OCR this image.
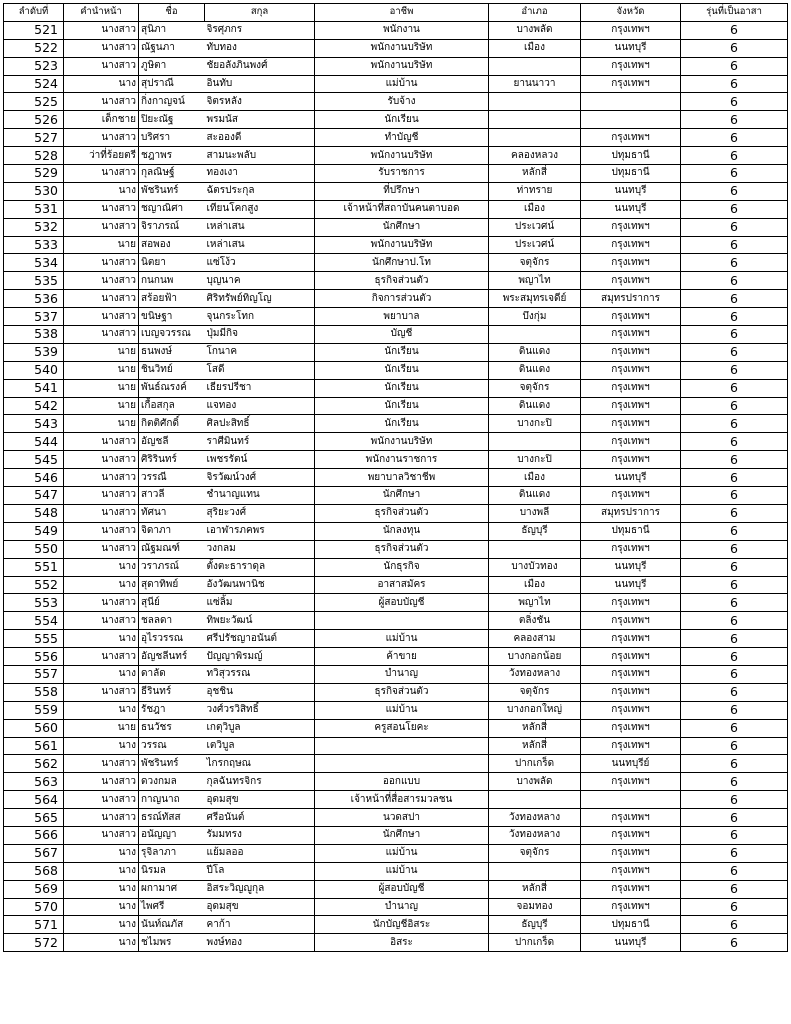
ลำดับที่	คำนำหน้า	ชื่อ	สกุล	อาชีพ	อำเภอ	จังหวัด	รุ่นที่เป็นอาสา
521	นางสาว	สุนิภา	จิรศุภกร	พนักงาน	บางพลัด	กรุงเทพฯ	6
522	นางสาว	ณัฐนภา	ทับทอง	พนักงานบริษัท	เมือง	นนทบุรี	6
523	นางสาว	ภูษิตา	ชัยอลังภินพงศ์	พนักงานบริษัท		กรุงเทพฯ	6
524	นาง	สุปราณี	อินทับ	แม่บ้าน	ยานนาวา	กรุงเทพฯ	6
525	นางสาว	กิ่งกาญจน์	จิตรหลัง	รับจ้าง			6
526	เด็กชาย	ปิยะณัฐ	พรมนัส	นักเรียน			6
527	นางสาว	บริศรา	สะอองดี	ทำบัญชี		กรุงเทพฯ	6
528	ว่าที่ร้อยตรี	ชฎาพร	สามนะพลับ	พนักงานบริษัท	คลองหลวง	ปทุมธานี	6
529	นางสาว	กุลณิษฐ์	ทองเงา	รับราชการ	หลักสี่	ปทุมธานี	6
530	นาง	พัชรินทร์	ฉัตรประกุล	ที่ปรึกษา	ท่าทราย	นนทบุรี	6
531	นางสาว	ชญาณิศา	เทียนโคกสูง	เจ้าหน้าที่สถาบันคนตาบอด	เมือง	นนทบุรี	6
532	นางสาว	จิราภรณ์	เหล่าเสน	นักศึกษา	ประเวศน์	กรุงเทพฯ	6
533	นาย	สอพอง	เหล่าเสน	พนักงานบริษัท	ประเวศน์	กรุงเทพฯ	6
534	นางสาว	นิตยา	แซ่โง้ว	นักศึกษาป.โท	จตุจักร	กรุงเทพฯ	6
535	นางสาว	กนกนพ	บุญนาค	ธุรกิจส่วนตัว	พญาไท	กรุงเทพฯ	6
536	นางสาว	สร้อยฟ้า	ศิริทรัพย์ทิญโญ	กิจการส่วนตัว	พระสมุทรเจดีย์	สมุทรปราการ	6
537	นางสาว	ขนิษฐา	จุนกระโทก	พยาบาล	บึงกุ่ม	กรุงเทพฯ	6
538	นางสาว	เบญจวรรณ	ปุ่มมีกิจ	บัญชี		กรุงเทพฯ	6
539	นาย	ธนพงษ์	โกนาค	นักเรียน	ดินแดง	กรุงเทพฯ	6
540	นาย	ชินวิทย์	โสดี	นักเรียน	ดินแดง	กรุงเทพฯ	6
541	นาย	พันธ์ณรงค์	เธียรปรีชา	นักเรียน	จตุจักร	กรุงเทพฯ	6
542	นาย	เกื้อสกุล	แจทอง	นักเรียน	ดินแดง	กรุงเทพฯ	6
543	นาย	กิตติศักดิ์	ศิลปะสิทธิ์	นักเรียน	บางกะปิ	กรุงเทพฯ	6
544	นางสาว	อัญชลี	ราศีมินทร์	พนักงานบริษัท		กรุงเทพฯ	6
545	นางสาว	ศิริรินทร์	เพชรรัตน์	พนักงานราชการ	บางกะปิ	กรุงเทพฯ	6
546	นางสาว	วรรณี	จิรวัฒน์วงศ์	พยาบาลวิชาชีพ	เมือง	นนทบุรี	6
547	นางสาว	สาวลี	ชำนาญแทน	นักศึกษา	ดินแดง	กรุงเทพฯ	6
548	นางสาว	ทัศนา	สุริยะวงศ์	ธุรกิจส่วนตัว	บางพลี	สมุทรปราการ	6
549	นางสาว	จิดาภา	เอาฬารภคพร	นักลงทุน	ธัญบุรี	ปทุมธานี	6
550	นางสาว	ณัฐมณฑ์	วงกลม	ธุรกิจส่วนตัว		กรุงเทพฯ	6
551	นาง	วราภรณ์	ตั้งตะธาราดุล	นักธุรกิจ	บางบัวทอง	นนทบุรี	6
552	นาง	สุดาทิพย์	อังวัฒนพานิช	อาสาสมัคร	เมือง	นนทบุรี	6
553	นางสาว	สุนีย์	แซ่ลิ้ม	ผู้สอบบัญชี	พญาไท	กรุงเทพฯ	6
554	นางสาว	ชลลดา	ทิพยะวัฒน์		ตลิ่งชัน	กรุงเทพฯ	6
555	นาง	อุไรวรรณ	ศรีปรัชญาอนันต์	แม่บ้าน	คลองสาม	กรุงเทพฯ	6
556	นางสาว	อัญชลีนทร์	ปัญญาพิรมญ์	ค้าขาย	บางกอกน้อย	กรุงเทพฯ	6
557	นาง	ดาลัด	ทวิสุวรรณ	บำนาญ	วังทองหลาง	กรุงเทพฯ	6
558	นางสาว	ธีรินทร์	อุชชิน	ธุรกิจส่วนตัว	จตุจักร	กรุงเทพฯ	6
559	นาง	รัชฎา	วงศ์วรวิสิทธิ์	แม่บ้าน	บางกอกใหญ่	กรุงเทพฯ	6
560	นาย	ธนวัชร	เกตุวิบูล	ครูสอนโยคะ	หลักสี่	กรุงเทพฯ	6
561	นาง	วรรณ	เตวิบูล		หลักสี่	กรุงเทพฯ	6
562	นางสาว	พัชรินทร์	ไกรกฤษณ		ปากเกร็ด	นนทบุรีย์	6
563	นางสาว	ดวงกมล	กุลฉันทรจิกร	ออกแบบ	บางพลัด	กรุงเทพฯ	6
564	นางสาว	กาญนาถ	อุดมสุข	เจ้าหน้าที่สื่อสารมวลชน			6
565	นางสาว	ธรณ์ทัสส	ศรีอนันต์	นวดสปา	วังทองหลาง	กรุงเทพฯ	6
566	นางสาว	อนัญญา	รัมมทรง	นักศึกษา	วังทองหลาง	กรุงเทพฯ	6
567	นาง	รุจิลาภา	แย้มลออ	แม่บ้าน	จตุจักร	กรุงเทพฯ	6
568	นาง	นิรมล	ปีโล	แม่บ้าน		กรุงเทพฯ	6
569	นาง	ผกามาศ	อิสระวิญญูกุล	ผู้สอบบัญชี	หลักสี่	กรุงเทพฯ	6
570	นาง	ไพศรี	อุดมสุข	บำนาญ	จอมทอง	กรุงเทพฯ	6
571	นาง	นันท์ณภัส	คาก้า	นักบัญชีอิสระ	ธัญบุรี	ปทุมธานี	6
572	นาง	ชไมพร	พงษ์ทอง	อิสระ	ปากเกร็ด	นนทบุรี	6
